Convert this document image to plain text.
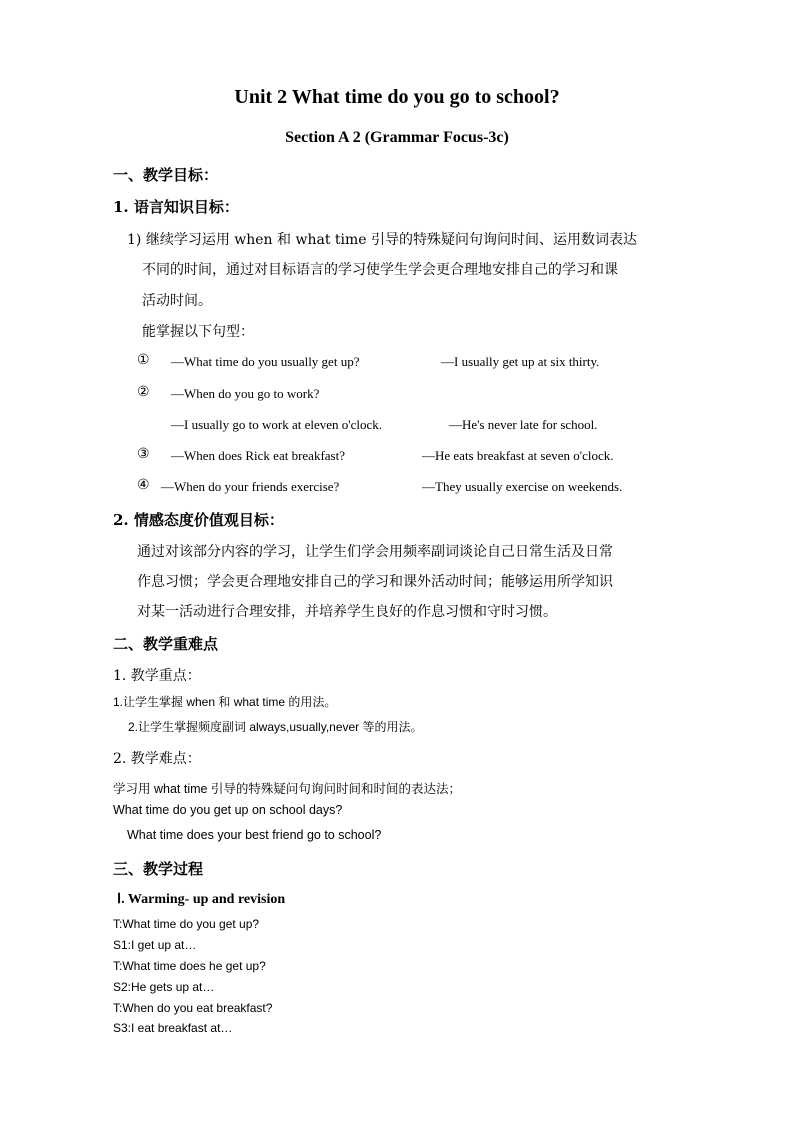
Unit 2 What time do you go to school?
Section A 2 (Grammar Focus-3c)
一、教学目标：
1. 语言知识目标：
1) 继续学习运用 when 和 what time 引导的特殊疑问句询问时间、运用数词表达
不同的时间，通过对目标语言的学习使学生学会更合理地安排自己的学习和课
活动时间。
能掌握以下句型：
① —What time do you usually get up?	—I usually get up at six thirty.
② —When do you go to work?
—I usually go to work at eleven o'clock.	—He's never late for school.
③ —When does Rick eat breakfast?	—He eats breakfast at seven o'clock.
④ —When do your friends exercise?	—They usually exercise on weekends.
2. 情感态度价值观目标：
通过对该部分内容的学习，让学生们学会用频率副词谈论自己日常生活及日常
作息习惯；学会更合理地安排自己的学习和课外活动时间；能够运用所学知识
对某一活动进行合理安排，并培养学生良好的作息习惯和守时习惯。
二、教学重难点
1. 教学重点：
1.让学生掌握 when 和 what time 的用法。
2.让学生掌握频度副词 always,usually,never 等的用法。
2. 教学难点：
学习用 what time 引导的特殊疑问句询问时间和时间的表达法；
What time do you get up on school days?
What time does your best friend go to school?
三、教学过程
Ⅰ. Warming- up and revision
T:What time do you get up?
S1:I get up at…
T:What time does he get up?
S2:He gets up at…
T:When do you eat breakfast?
S3:I eat breakfast at…
